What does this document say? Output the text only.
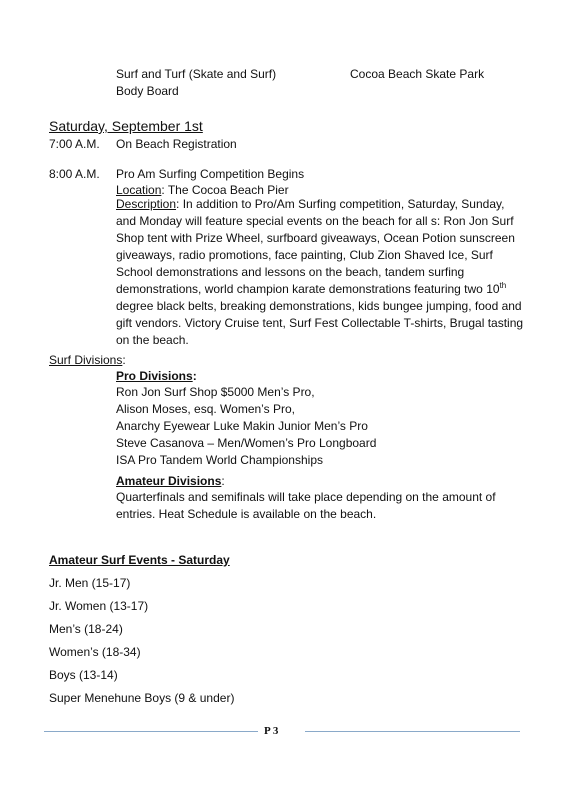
Surf and Turf (Skate and Surf)	Cocoa Beach Skate Park
Body Board
Saturday, September 1st
7:00 A.M. On Beach Registration
8:00 A.M. Pro Am Surfing Competition Begins
Location: The Cocoa Beach Pier
Description: In addition to Pro/Am Surfing competition, Saturday, Sunday, and Monday will feature special events on the beach for all s: Ron Jon Surf Shop tent with Prize Wheel, surfboard giveaways, Ocean Potion sunscreen giveaways, radio promotions, face painting, Club Zion Shaved Ice, Surf School demonstrations and lessons on the beach, tandem surfing demonstrations, world champion karate demonstrations featuring two 10th degree black belts, breaking demonstrations, kids bungee jumping, food and gift vendors. Victory Cruise tent, Surf Fest Collectable T-shirts, Brugal tasting on the beach.
Surf Divisions:
Pro Divisions:
Ron Jon Surf Shop $5000 Men’s Pro,
Alison Moses, esq. Women’s Pro,
Anarchy Eyewear Luke Makin Junior Men’s Pro
Steve Casanova – Men/Women’s Pro Longboard
ISA Pro Tandem World Championships
Amateur Divisions:
Quarterfinals and semifinals will take place depending on the amount of entries. Heat Schedule is available on the beach.
Amateur Surf Events - Saturday
Jr. Men (15-17)
Jr. Women (13-17)
Men’s (18-24)
Women’s (18-34)
Boys (13-14)
Super Menehune Boys (9 & under)
P 3
